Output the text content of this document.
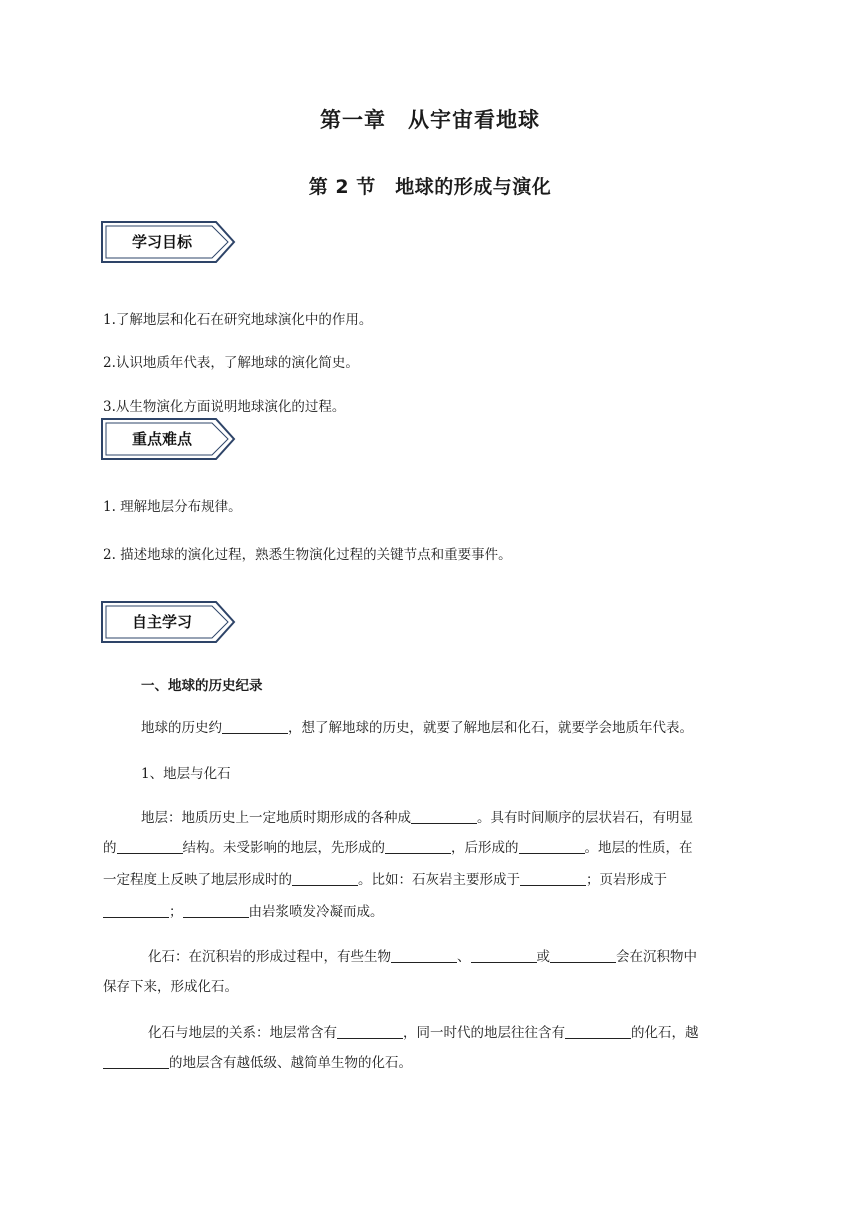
第一章　从宇宙看地球
第 2 节　地球的形成与演化
学习目标
1.了解地层和化石在研究地球演化中的作用。
2.认识地质年代表，了解地球的演化简史。
3.从生物演化方面说明地球演化的过程。
重点难点
1. 理解地层分布规律。
2. 描述地球的演化过程，熟悉生物演化过程的关键节点和重要事件。
自主学习
一、地球的历史纪录
地球的历史约	，想了解地球的历史，就要了解地层和化石，就要学会地质年代表。
1、地层与化石
地层：地质历史上一定地质时期形成的各种成	。具有时间顺序的层状岩石，有明显
的	结构。未受影响的地层，先形成的	，后形成的	。地层的性质，在
一定程度上反映了地层形成时的	。比如：石灰岩主要形成于	；页岩形成于
；	由岩浆喷发冷凝而成。
化石：在沉积岩的形成过程中，有些生物	、	或	会在沉积物中
保存下来，形成化石。
化石与地层的关系：地层常含有	，同一时代的地层往往含有	的化石，越
的地层含有越低级、越简单生物的化石。
